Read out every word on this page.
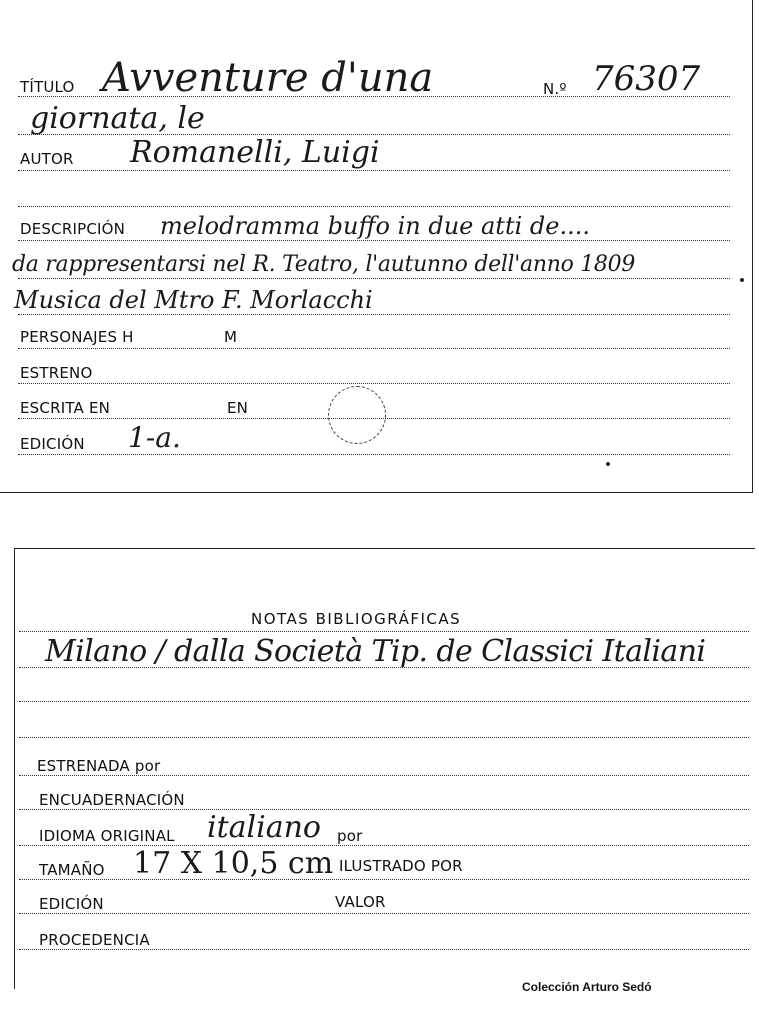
TÍTULO Avventure d'una	N.º 76307
giornata, le
AUTOR Romanelli, Luigi
DESCRIPCIÓN melodramma buffo in due atti de....
da rappresentarsi nel R. Teatro, l'autunno dell'anno 1809
Musica del Mtro F. Morlacchi
PERSONAJES H	M
ESTRENO
ESCRITA EN	EN
EDICIÓN 1-a.
NOTAS BIBLIOGRÁFICAS
Milano / dalla Società Tip. de Classici Italiani
ESTRENADA por
ENCUADERNACIÓN
IDIOMA ORIGINAL italiano por
TAMAÑO 17 X 10,5 cm ILUSTRADO POR
EDICIÓN	VALOR
PROCEDENCIA
Colección Arturo Sedó
